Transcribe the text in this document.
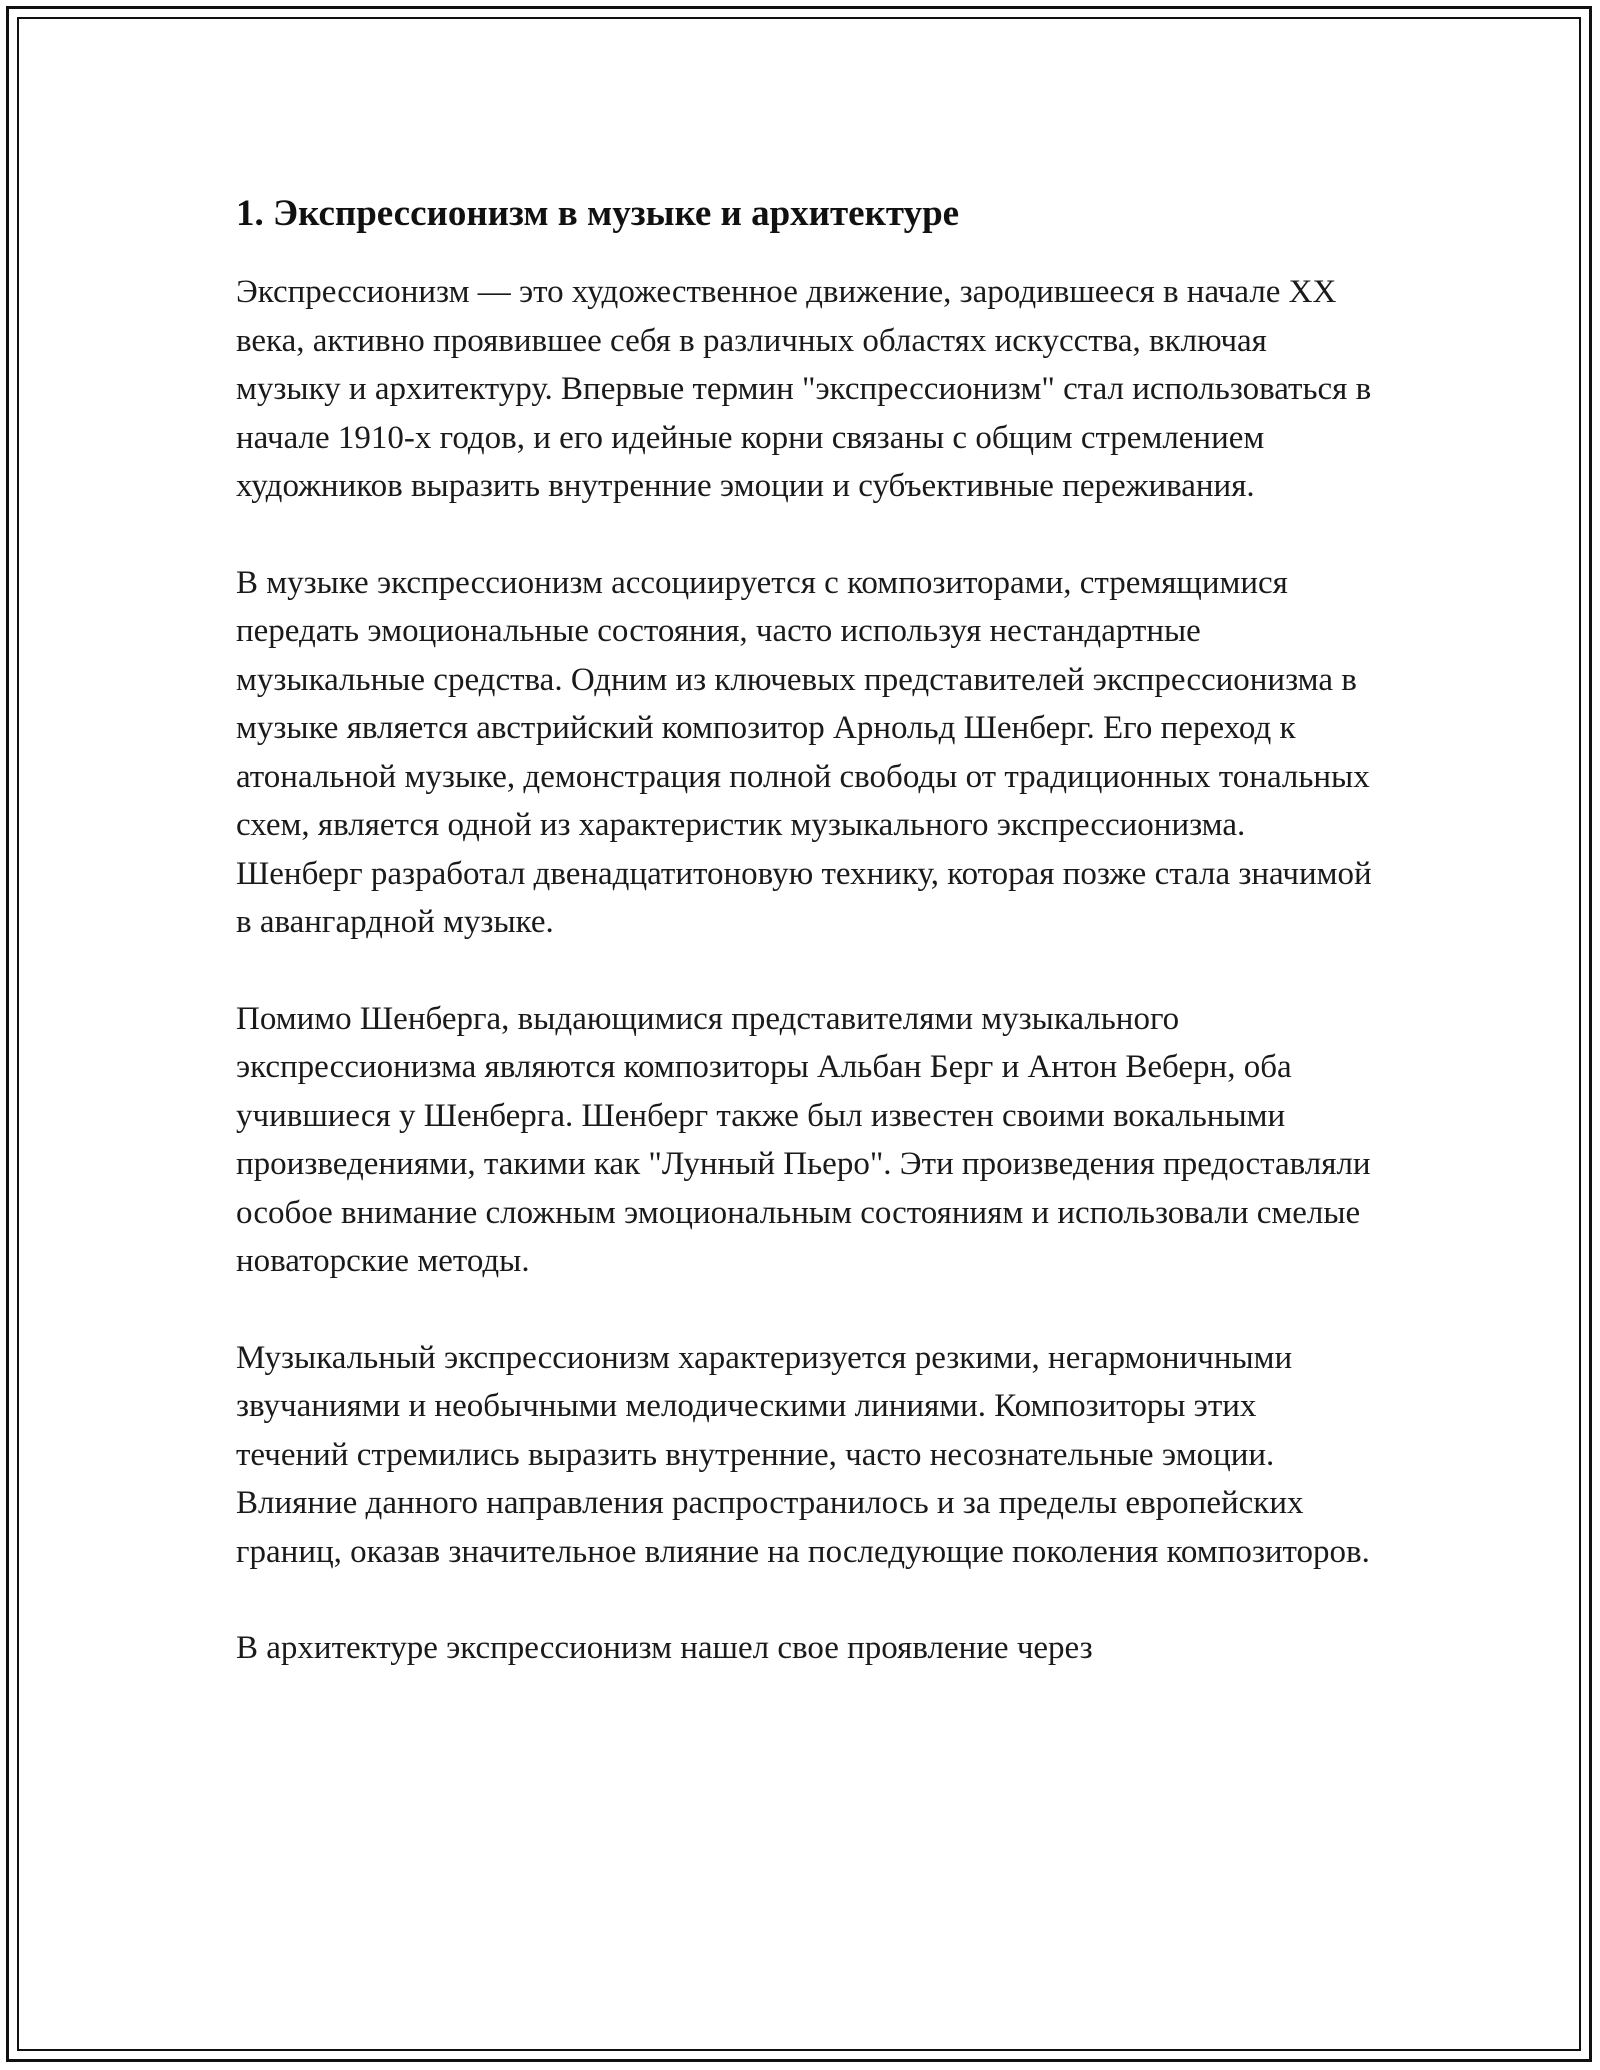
1. Экспрессионизм в музыке и архитектуре

Экспрессионизм — это художественное движение, зародившееся в начале XX века, активно проявившее себя в различных областях искусства, включая музыку и архитектуру. Впервые термин "экспрессионизм" стал использоваться в начале 1910-х годов, и его идейные корни связаны с общим стремлением художников выразить внутренние эмоции и субъективные переживания.

В музыке экспрессионизм ассоциируется с композиторами, стремящимися передать эмоциональные состояния, часто используя нестандартные музыкальные средства. Одним из ключевых представителей экспрессионизма в музыке является австрийский композитор Арнольд Шенберг. Его переход к атональной музыке, демонстрация полной свободы от традиционных тональных схем, является одной из характеристик музыкального экспрессионизма. Шенберг разработал двенадцатитоновую технику, которая позже стала значимой в авангардной музыке.

Помимо Шенберга, выдающимися представителями музыкального экспрессионизма являются композиторы Альбан Берг и Антон Веберн, оба учившиеся у Шенберга. Шенберг также был известен своими вокальными произведениями, такими как "Лунный Пьеро". Эти произведения предоставляли особое внимание сложным эмоциональным состояниям и использовали смелые новаторские методы.

Музыкальный экспрессионизм характеризуется резкими, негармоничными звучаниями и необычными мелодическими линиями. Композиторы этих течений стремились выразить внутренние, часто несознательные эмоции. Влияние данного направления распространилось и за пределы европейских границ, оказав значительное влияние на последующие поколения композиторов.

В архитектуре экспрессионизм нашел свое проявление через
